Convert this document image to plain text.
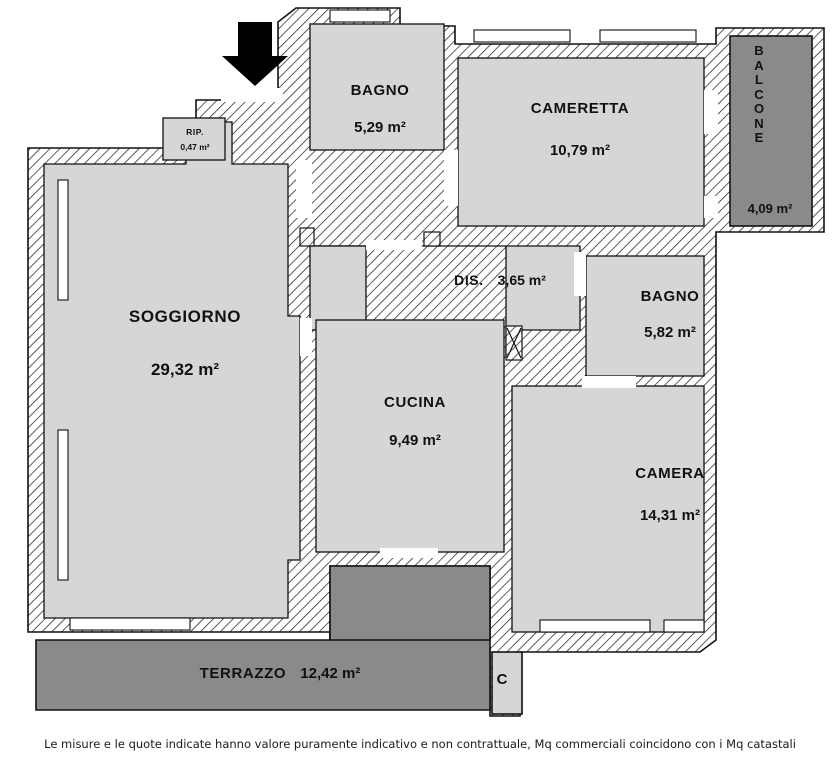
SOGGIORNO
29,32 m²
BAGNO
5,29 m²
CAMERETTA
10,79 m²
DIS. 3,65 m²
BAGNO
5,82 m²
CUCINA
9,49 m²
CAMERA
14,31 m²
TERRAZZO 12,42 m²
RIP.
0,47 m²
B
A
L
C
O
N
E
4,09 m²
C
Le misure e le quote indicate hanno valore puramente indicativo e non contrattuale, Mq commerciali coincidono con i Mq catastali
